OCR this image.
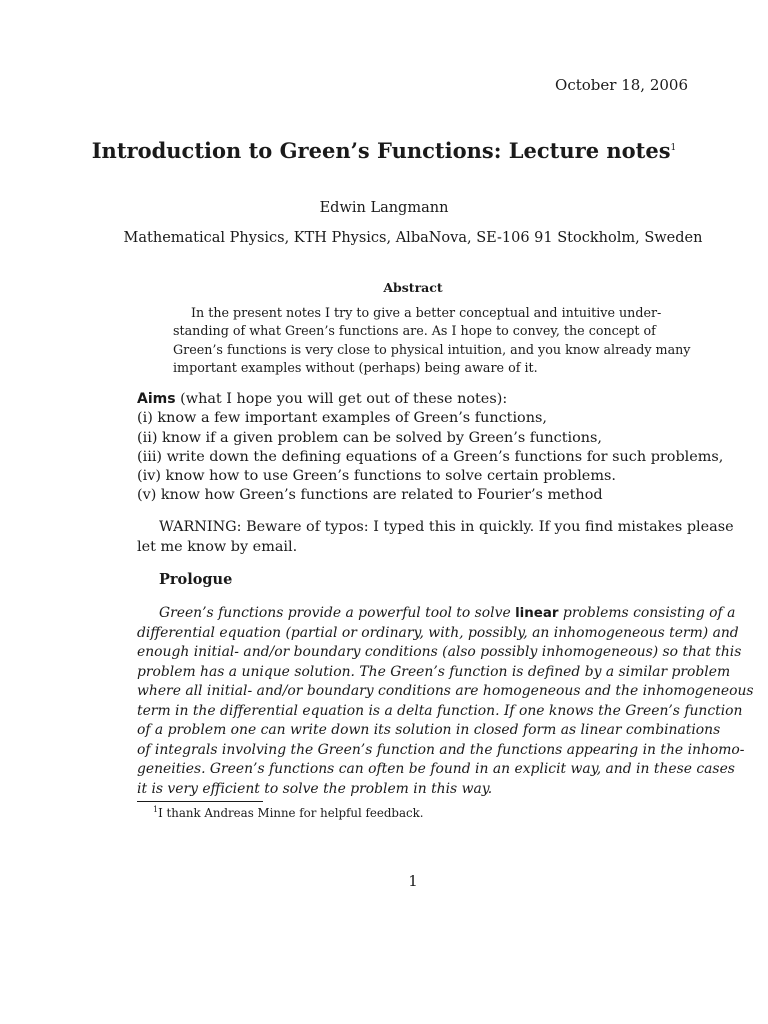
October 18, 2006
Introduction to Green’s Functions: Lecture notes$^1$
Edwin Langmann
Mathematical Physics, KTH Physics, AlbaNova, SE-106 91 Stockholm, Sweden
Abstract
In the present notes I try to give a better conceptual and intuitive under-
standing of what Green’s functions are. As I hope to convey, the concept of
Green’s functions is very close to physical intuition, and you know already many
important examples without (perhaps) being aware of it.
Aims (what I hope you will get out of these notes):
(i) know a few important examples of Green’s functions,
(ii) know if a given problem can be solved by Green’s functions,
(iii) write down the defining equations of a Green’s functions for such problems,
(iv) know how to use Green’s functions to solve certain problems.
(v) know how Green’s functions are related to Fourier’s method
WARNING: Beware of typos: I typed this in quickly. If you find mistakes please
let me know by email.
Prologue
Green’s functions provide a powerful tool to solve linear problems consisting of a
differential equation (partial or ordinary, with, possibly, an inhomogeneous term) and
enough initial- and/or boundary conditions (also possibly inhomogeneous) so that this
problem has a unique solution. The Green’s function is defined by a similar problem
where all initial- and/or boundary conditions are homogeneous and the inhomogeneous
term in the differential equation is a delta function. If one knows the Green’s function
of a problem one can write down its solution in closed form as linear combinations
of integrals involving the Green’s function and the functions appearing in the inhomo-
geneities. Green’s functions can often be found in an explicit way, and in these cases
it is very efficient to solve the problem in this way.
$^1$I thank Andreas Minne for helpful feedback.
1
